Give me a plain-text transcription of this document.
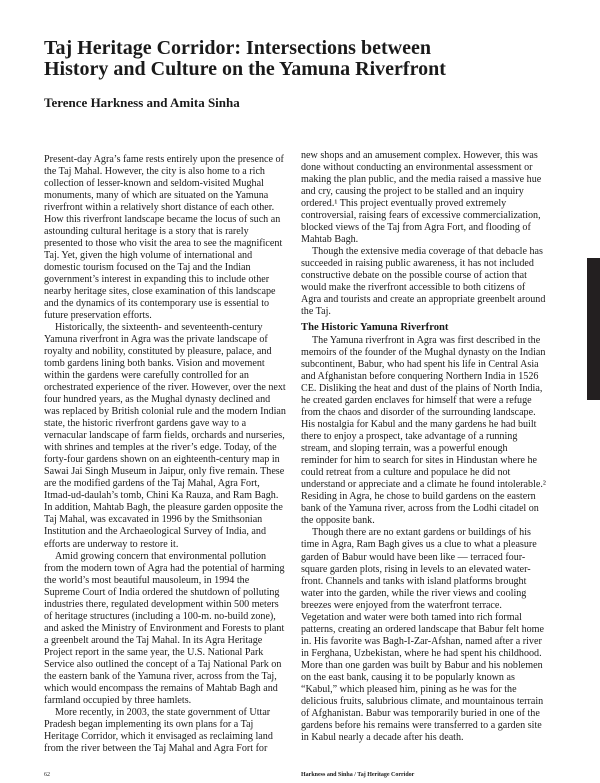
Taj Heritage Corridor: Intersections between
History and Culture on the Yamuna Riverfront

Terence Harkness and Amita Sinha

Present-day Agra’s fame rests entirely upon the presence of the Taj Mahal. However, the city is also home to a rich collection of lesser-known and seldom-visited Mughal monuments, many of which are situated on the Yamuna riverfront within a relatively short distance of each other. How this riverfront landscape became the locus of such an astounding cultural heritage is a story that is rarely presented to those who visit the area to see the magnificent Taj. Yet, given the high volume of international and domestic tourism focused on the Taj and the Indian government’s interest in expanding this to include other nearby heritage sites, close examination of this landscape and the dynamics of its contemporary use is essential to future preservation efforts.

Historically, the sixteenth- and seventeenth-century Yamuna riverfront in Agra was the private landscape of royalty and nobility, constituted by pleasure, palace, and tomb gardens lining both banks. Vision and movement within the gardens were carefully controlled for an orchestrated experience of the river. However, over the next four hundred years, as the Mughal dynasty declined and was replaced by British colonial rule and the modern Indian state, the historic riverfront gardens gave way to a vernacular landscape of farm fields, orchards and nurseries, with shrines and temples at the river’s edge. Today, of the forty-four gardens shown on an eighteenth-century map in Sawai Jai Singh Museum in Jaipur, only five remain. These are the modified gardens of the Taj Mahal, Agra Fort, Itmad-ud-daulah’s tomb, Chini Ka Rauza, and Ram Bagh. In addition, Mahtab Bagh, the pleasure garden opposite the Taj Mahal, was excavated in 1996 by the Smithsonian Institution and the Archaeological Survey of India, and efforts are underway to restore it.

Amid growing concern that environmental pollution from the modern town of Agra had the potential of harming the world’s most beautiful mausoleum, in 1994 the Supreme Court of India ordered the shutdown of polluting industries there, regulated development within 500 meters of heritage structures (including a 100-m. no-build zone), and asked the Ministry of Environment and Forests to plant a greenbelt around the Taj Mahal. In its Agra Heritage Project report in the same year, the U.S. National Park Service also outlined the concept of a Taj National Park on the eastern bank of the Yamuna river, across from the Taj, which would encompass the remains of Mahtab Bagh and farmland occupied by three hamlets.

More recently, in 2003, the state government of Uttar Pradesh began implementing its own plans for a Taj Heritage Corridor, which it envisaged as reclaiming land from the river between the Taj Mahal and Agra Fort for

new shops and an amusement complex. However, this was done without conducting an environmental assessment or making the plan public, and the media raised a massive hue and cry, causing the project to be stalled and an inquiry ordered.¹ This project eventually proved extremely controversial, raising fears of excessive commercialization, blocked views of the Taj from Agra Fort, and flooding of Mahtab Bagh.

Though the extensive media coverage of that debacle has succeeded in raising public awareness, it has not included constructive debate on the possible course of action that would make the riverfront accessible to both citizens of Agra and tourists and create an appropriate greenbelt around the Taj.

The Historic Yamuna Riverfront

The Yamuna riverfront in Agra was first described in the memoirs of the founder of the Mughal dynasty on the Indian subcontinent, Babur, who had spent his life in Central Asia and Afghanistan before conquering Northern India in 1526 CE. Disliking the heat and dust of the plains of North India, he created garden enclaves for himself that were a refuge from the chaos and disorder of the surrounding landscape. His nostalgia for Kabul and the many gardens he had built there to enjoy a prospect, take advantage of a running stream, and sloping terrain, was a powerful enough reminder for him to search for sites in Hindustan where he could retreat from a culture and populace he did not understand or appreciate and a climate he found intolerable.² Residing in Agra, he chose to build gardens on the eastern bank of the Yamuna river, across from the Lodhi citadel on the opposite bank.

Though there are no extant gardens or buildings of his time in Agra, Ram Bagh gives us a clue to what a pleasure garden of Babur would have been like — terraced four-square garden plots, rising in levels to an elevated water-front. Channels and tanks with island platforms brought water into the garden, while the river views and cooling breezes were enjoyed from the waterfront terrace. Vegetation and water were both tamed into rich formal patterns, creating an ordered landscape that Babur felt home in. His favorite was Bagh-I-Zar-Afshan, named after a river in Ferghana, Uzbekistan, where he had spent his childhood. More than one garden was built by Babur and his noblemen on the east bank, causing it to be popularly known as “Kabul,” which pleased him, pining as he was for the delicious fruits, salubrious climate, and mountainous terrain of Afghanistan. Babur was temporarily buried in one of the gardens before his remains were transferred to a garden site in Kabul nearly a decade after his death.

62	Harkness and Sinha / Taj Heritage Corridor
